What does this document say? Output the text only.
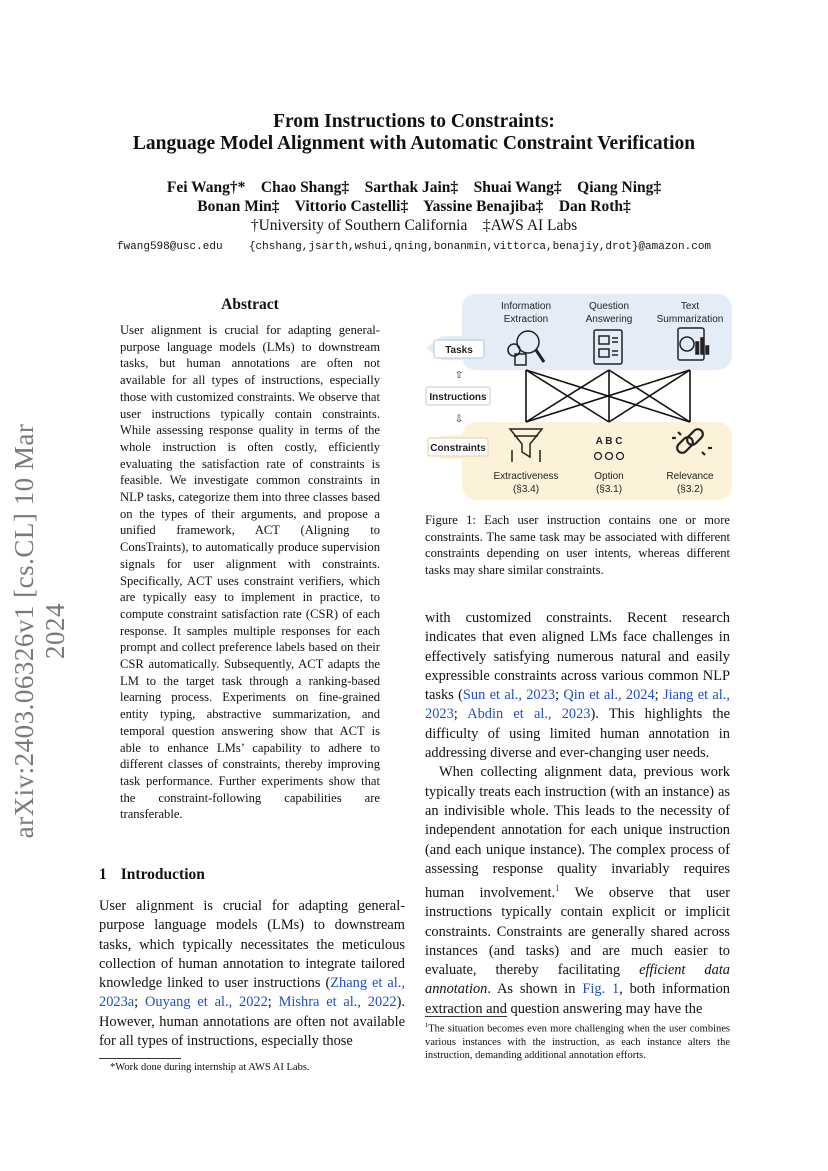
arXiv:2403.06326v1 [cs.CL] 10 Mar 2024
From Instructions to Constraints:
Language Model Alignment with Automatic Constraint Verification
Fei Wang†*    Chao Shang‡    Sarthak Jain‡    Shuai Wang‡    Qiang Ning‡
Bonan Min‡    Vittorio Castelli‡    Yassine Benajiba‡    Dan Roth‡
†University of Southern California    ‡AWS AI Labs
fwang598@usc.edu    {chshang,jsarth,wshui,qning,bonanmin,vittorca,benajiy,drot}@amazon.com
Abstract
User alignment is crucial for adapting general-purpose language models (LMs) to downstream tasks, but human annotations are often not available for all types of instructions, especially those with customized constraints. We observe that user instructions typically contain constraints. While assessing response quality in terms of the whole instruction is often costly, efficiently evaluating the satisfaction rate of constraints is feasible. We investigate common constraints in NLP tasks, categorize them into three classes based on the types of their arguments, and propose a unified framework, ACT (Aligning to ConsTraints), to automatically produce supervision signals for user alignment with constraints. Specifically, ACT uses constraint verifiers, which are typically easy to implement in practice, to compute constraint satisfaction rate (CSR) of each response. It samples multiple responses for each prompt and collect preference labels based on their CSR automatically. Subsequently, ACT adapts the LM to the target task through a ranking-based learning process. Experiments on fine-grained entity typing, abstractive summarization, and temporal question answering show that ACT is able to enhance LMs’ capability to adhere to different classes of constraints, thereby improving task performance. Further experiments show that the constraint-following capabilities are transferable.
1 Introduction
User alignment is crucial for adapting general-purpose language models (LMs) to downstream tasks, which typically necessitates the meticulous collection of human annotation to integrate tailored knowledge linked to user instructions (Zhang et al., 2023a; Ouyang et al., 2022; Mishra et al., 2022). However, human annotations are often not available for all types of instructions, especially those
*Work done during internship at AWS AI Labs.
Information
Extraction
Question
Answering
Text
Summarization
Tasks
⇧
Instructions
⇩
Constraints
A B C
Extractiveness
(§3.4)
Option
(§3.1)
Relevance
(§3.2)
Figure 1: Each user instruction contains one or more constraints. The same task may be associated with different constraints depending on user intents, whereas different tasks may share similar constraints.
with customized constraints. Recent research indicates that even aligned LMs face challenges in effectively satisfying numerous natural and easily expressible constraints across various common NLP tasks (Sun et al., 2023; Qin et al., 2024; Jiang et al., 2023; Abdin et al., 2023). This highlights the difficulty of using limited human annotation in addressing diverse and ever-changing user needs.
When collecting alignment data, previous work typically treats each instruction (with an instance) as an indivisible whole. This leads to the necessity of independent annotation for each unique instruction (and each unique instance). The complex process of assessing response quality invariably requires human involvement.$^1$ We observe that user instructions typically contain explicit or implicit constraints. Constraints are generally shared across instances (and tasks) and are much easier to evaluate, thereby facilitating efficient data annotation. As shown in Fig. 1, both information extraction and question answering may have the
$^1$The situation becomes even more challenging when the user combines various instances with the instruction, as each instance alters the instruction, demanding additional annotation efforts.
